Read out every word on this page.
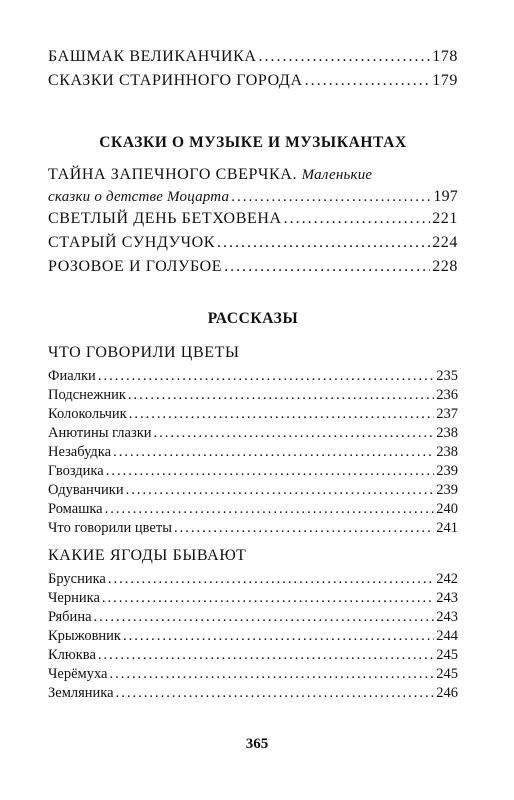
БАШМАК ВЕЛИКАНЧИКА .....	178
СКАЗКИ СТАРИННОГО ГОРОДА .....	179
СКАЗКИ О МУЗЫКЕ И МУЗЫКАНТАХ
ТАЙНА ЗАПЕЧНОГО СВЕРЧКА. Маленькие
сказки о детстве Моцарта .....	197
СВЕТЛЫЙ ДЕНЬ БЕТХОВЕНА .....	221
СТАРЫЙ СУНДУЧОК .....	224
РОЗОВОЕ И ГОЛУБОЕ .....	228
РАССКАЗЫ
ЧТО ГОВОРИЛИ ЦВЕТЫ
Фиалки .....	235
Подснежник .....	236
Колокольчик .....	237
Анютины глазки .....	238
Незабудка .....	238
Гвоздика .....	239
Одуванчики .....	239
Ромашка .....	240
Что говорили цветы .....	241
КАКИЕ ЯГОДЫ БЫВАЮТ
Брусника .....	242
Черника .....	243
Рябина .....	243
Крыжовник .....	244
Клюква .....	245
Черёмуха .....	245
Земляника .....	246
365
